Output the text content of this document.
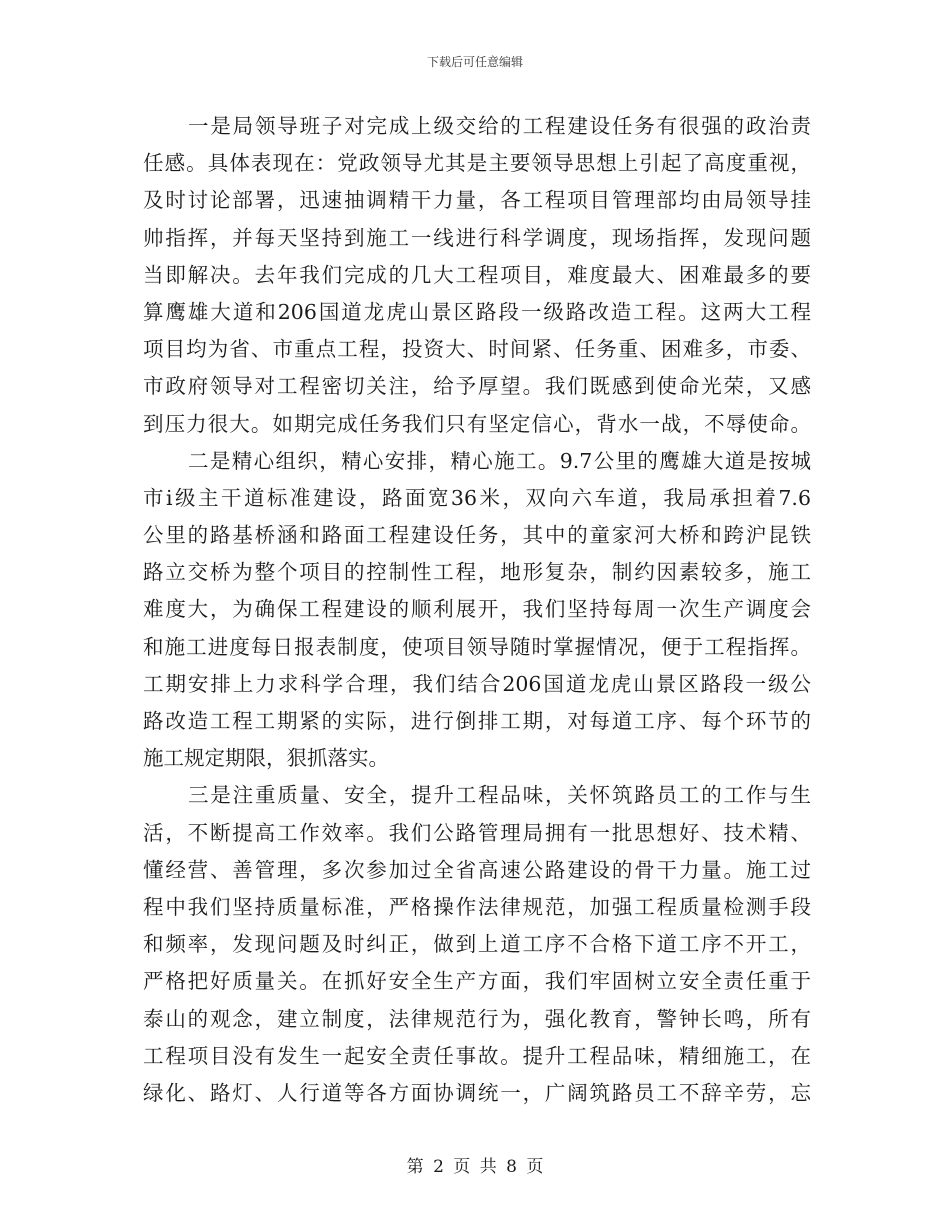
下载后可任意编辑
一是局领导班子对完成上级交给的工程建设任务有很强的政治责
任感。具体表现在：党政领导尤其是主要领导思想上引起了高度重视，
及时讨论部署，迅速抽调精干力量，各工程项目管理部均由局领导挂
帅指挥，并每天坚持到施工一线进行科学调度，现场指挥，发现问题
当即解决。去年我们完成的几大工程项目，难度最大、困难最多的要
算鹰雄大道和206国道龙虎山景区路段一级路改造工程。这两大工程
项目均为省、市重点工程，投资大、时间紧、任务重、困难多，市委、
市政府领导对工程密切关注，给予厚望。我们既感到使命光荣，又感
到压力很大。如期完成任务我们只有坚定信心，背水一战，不辱使命。
二是精心组织，精心安排，精心施工。9.7公里的鹰雄大道是按城
市ⅰ级主干道标准建设，路面宽36米，双向六车道，我局承担着7.6
公里的路基桥涵和路面工程建设任务，其中的童家河大桥和跨沪昆铁
路立交桥为整个项目的控制性工程，地形复杂，制约因素较多，施工
难度大，为确保工程建设的顺利展开，我们坚持每周一次生产调度会
和施工进度每日报表制度，使项目领导随时掌握情况，便于工程指挥。
工期安排上力求科学合理，我们结合206国道龙虎山景区路段一级公
路改造工程工期紧的实际，进行倒排工期，对每道工序、每个环节的
施工规定期限，狠抓落实。
三是注重质量、安全，提升工程品味，关怀筑路员工的工作与生
活，不断提高工作效率。我们公路管理局拥有一批思想好、技术精、
懂经营、善管理，多次参加过全省高速公路建设的骨干力量。施工过
程中我们坚持质量标准，严格操作法律规范，加强工程质量检测手段
和频率，发现问题及时纠正，做到上道工序不合格下道工序不开工，
严格把好质量关。在抓好安全生产方面，我们牢固树立安全责任重于
泰山的观念，建立制度，法律规范行为，强化教育，警钟长鸣，所有
工程项目没有发生一起安全责任事故。提升工程品味，精细施工，在
绿化、路灯、人行道等各方面协调统一，广阔筑路员工不辞辛劳，忘
第 2 页 共 8 页
